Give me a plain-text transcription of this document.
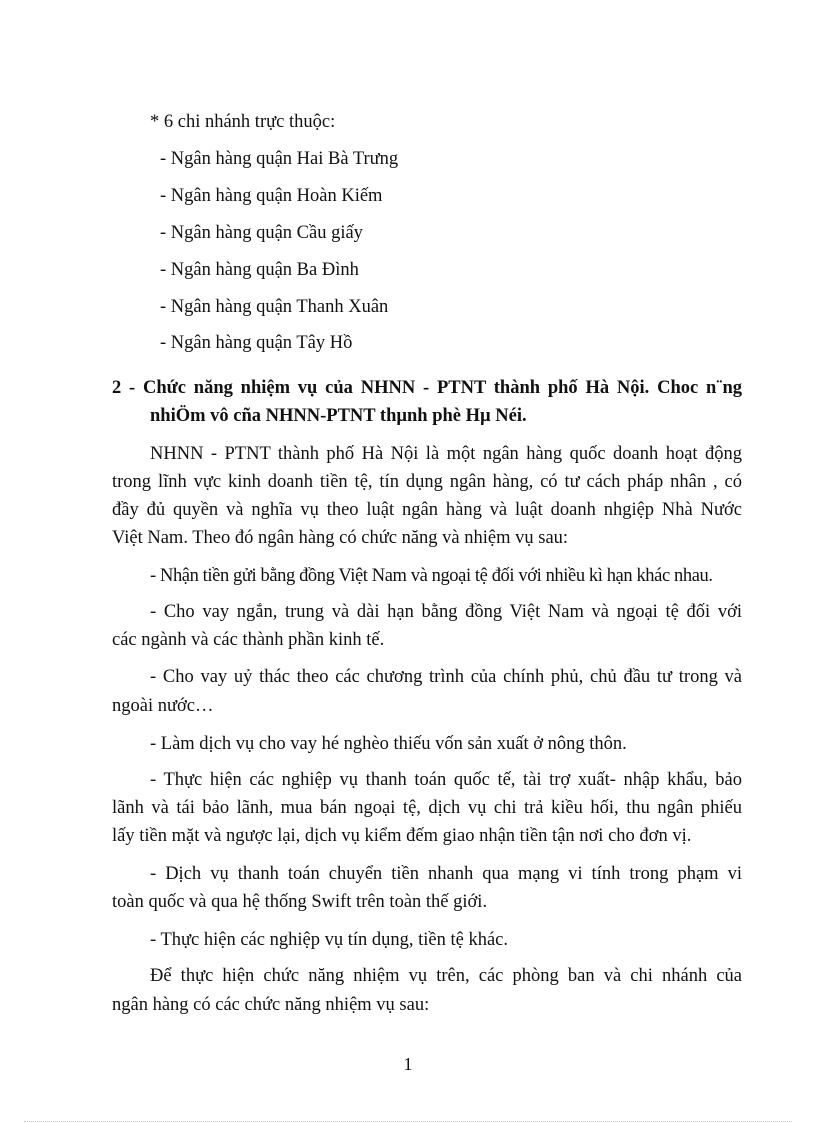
* 6 chi nhánh trực thuộc:
- Ngân hàng quận Hai Bà Trưng
- Ngân hàng quận Hoàn Kiếm
- Ngân hàng quận Cầu giấy
- Ngân hàng quận Ba Đình
- Ngân hàng quận Thanh Xuân
- Ngân hàng quận Tây Hồ
2 - Chức năng nhiệm vụ của NHNN - PTNT thành phố Hà Nội. Choc n¨ng
nhiÖm vô cña NHNN-PTNT thµnh phè Hµ Néi.
NHNN - PTNT thành phố Hà Nội là một ngân hàng quốc doanh hoạt động
trong lĩnh vực kinh doanh tiền tệ, tín dụng ngân hàng, có tư cách pháp nhân , có
đầy đủ quyền và nghĩa vụ theo luật ngân hàng và luật doanh nhgiệp Nhà Nước
Việt Nam. Theo đó ngân hàng có chức năng và nhiệm vụ sau:
- Nhận tiền gửi bằng đồng Việt Nam và ngoại tệ đối với nhiều kì hạn khác nhau.
- Cho vay ngắn, trung và dài hạn bằng đồng Việt Nam và ngoại tệ đối với
các ngành và các thành phần kinh tế.
- Cho vay uỷ thác theo các chương trình của chính phủ, chủ đầu tư trong và
ngoài nước…
- Làm dịch vụ cho vay hé nghèo thiếu vốn sản xuất ở nông thôn.
- Thực hiện các nghiệp vụ thanh toán quốc tế, tài trợ xuất- nhập khẩu, bảo
lãnh và tái bảo lãnh, mua bán ngoại tệ, dịch vụ chi trả kiều hối, thu ngân phiếu
lấy tiền mặt và ngược lại, dịch vụ kiểm đếm giao nhận tiền tận nơi cho đơn vị.
- Dịch vụ thanh toán chuyển tiền nhanh qua mạng vi tính trong phạm vi
toàn quốc và qua hệ thống Swift trên toàn thế giới.
- Thực hiện các nghiệp vụ tín dụng, tiền tệ khác.
Để thực hiện chức năng nhiệm vụ trên, các phòng ban và chi nhánh của
ngân hàng có các chức năng nhiệm vụ sau:
1
